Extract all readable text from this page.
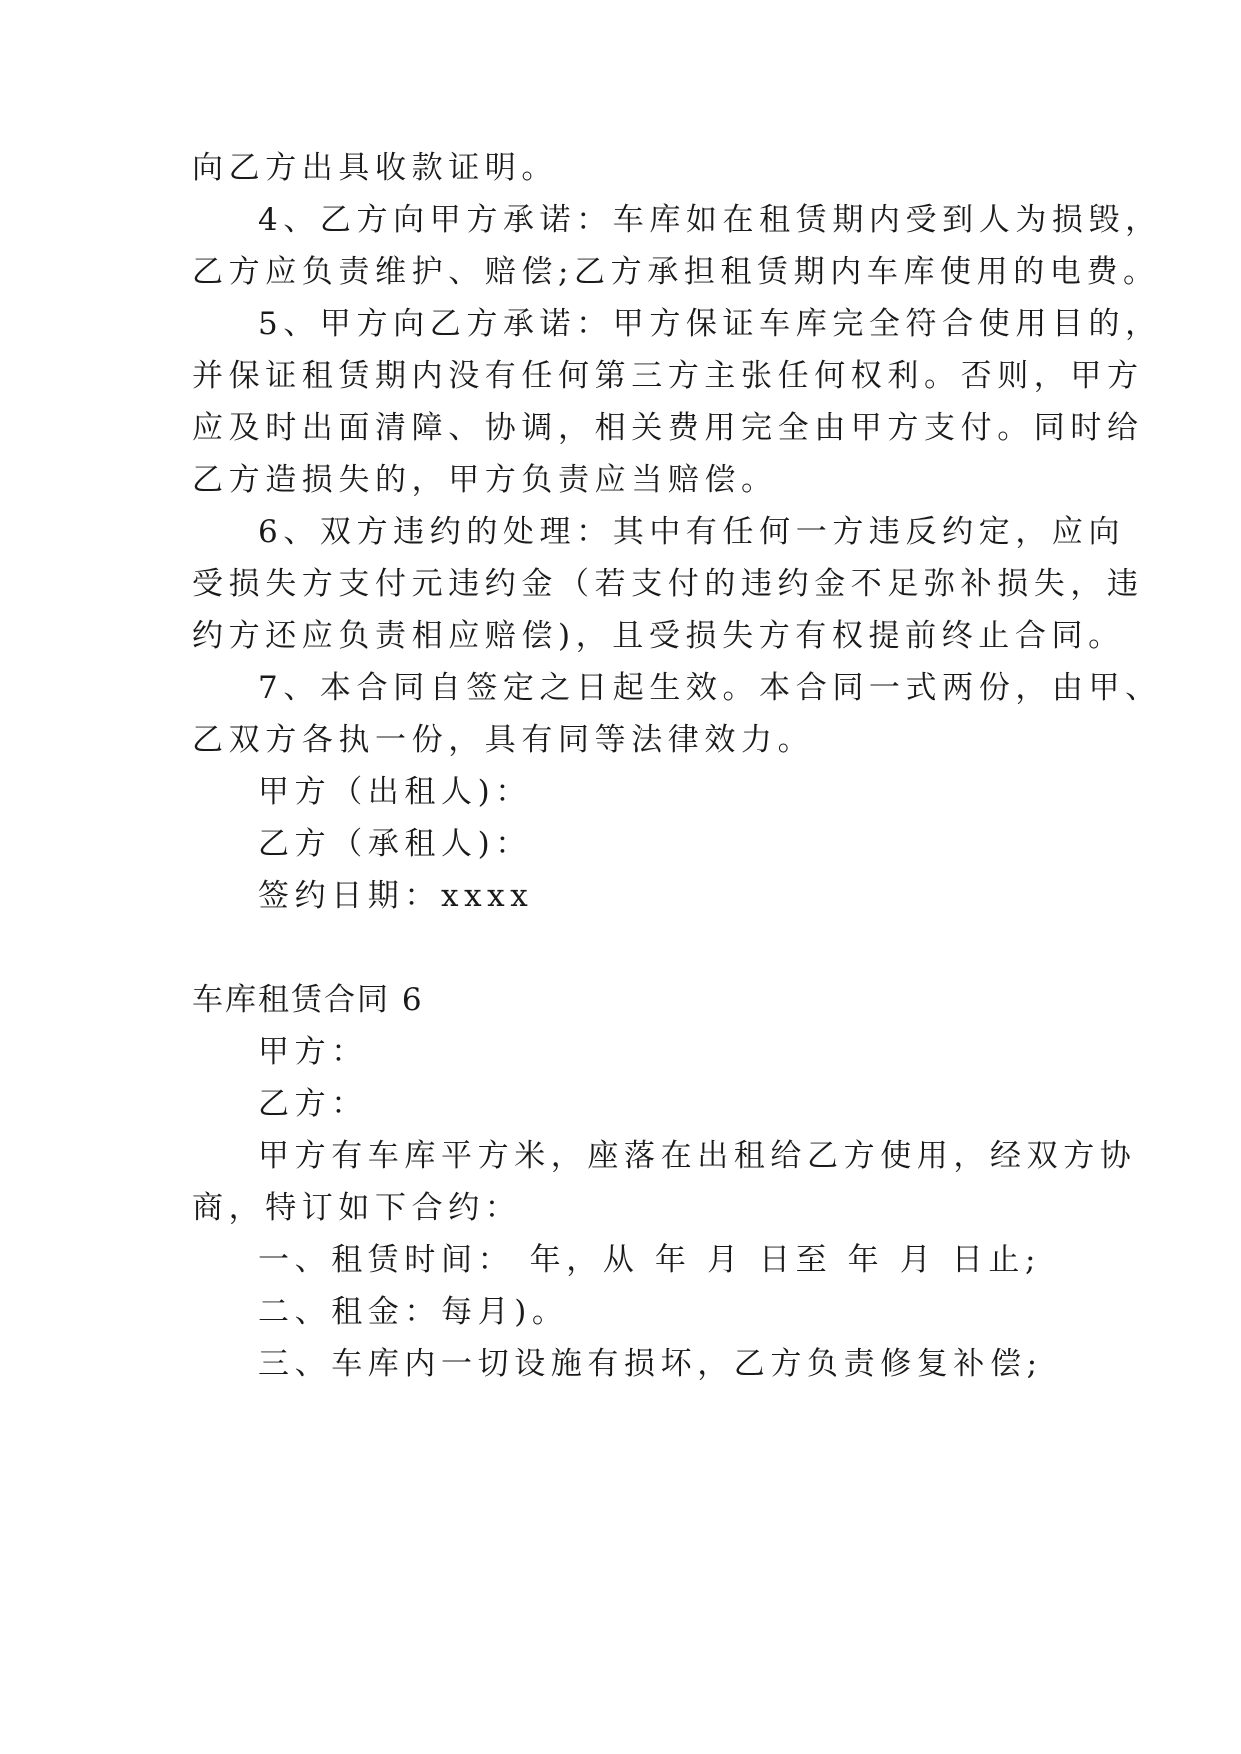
向乙方出具收款证明。
4、乙方向甲方承诺：车库如在租赁期内受到人为损毁，
乙方应负责维护、赔偿;乙方承担租赁期内车库使用的电费。
5、甲方向乙方承诺：甲方保证车库完全符合使用目的，
并保证租赁期内没有任何第三方主张任何权利。否则，甲方
应及时出面清障、协调，相关费用完全由甲方支付。同时给
乙方造损失的，甲方负责应当赔偿。
6、双方违约的处理：其中有任何一方违反约定，应向
受损失方支付元违约金（若支付的违约金不足弥补损失，违
约方还应负责相应赔偿)，且受损失方有权提前终止合同。
7、本合同自签定之日起生效。本合同一式两份，由甲、
乙双方各执一份，具有同等法律效力。
甲方（出租人)：
乙方（承租人)：
签约日期：xxxx
车库租赁合同 6
甲方：
乙方：
甲方有车库平方米，座落在出租给乙方使用，经双方协
商，特订如下合约：
一、租赁时间： 年，从 年 月 日至 年 月 日止;
二、租金：每月)。
三、车库内一切设施有损坏，乙方负责修复补偿;
